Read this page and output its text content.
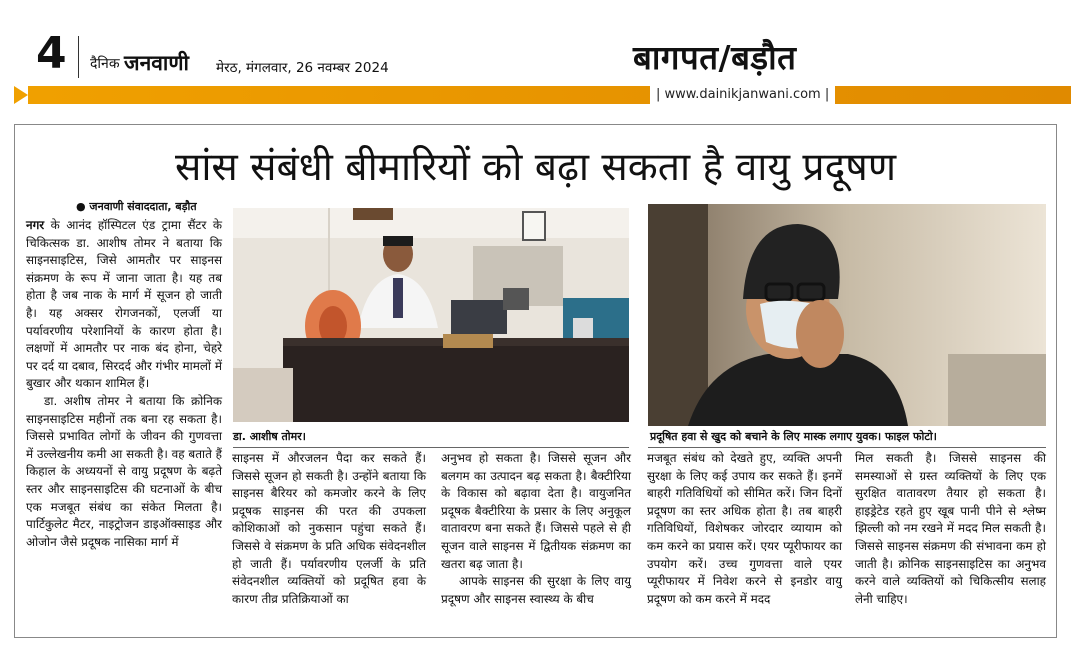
4 दैनिक जनवाणी मेरठ, मंगलवार, 26 नवम्बर 2024	बागपत/बड़ौत
| www.dainikjanwani.com |
सांस संबंधी बीमारियों को बढ़ा सकता है वायु प्रदूषण
● जनवाणी संवाददाता, बड़ौत

नगर के आनंद हॉस्पिटल एंड ट्रामा सैंटर के चिकित्सक डा. आशीष तोमर ने बताया कि साइनसाइटिस, जिसे आमतौर पर साइनस संक्रमण के रूप में जाना जाता है। यह तब होता है जब नाक के मार्ग में सूजन हो जाती है। यह अक्सर रोगजनकों, एलर्जी या पर्यावरणीय परेशानियों के कारण होता है। लक्षणों में आमतौर पर नाक बंद होना, चेहरे पर दर्द या दबाव, सिरदर्द और गंभीर मामलों में बुखार और थकान शामिल हैं।

डा. अशीष तोमर ने बताया कि क्रोनिक साइनसाइटिस महीनों तक बना रह सकता है। जिससे प्रभावित लोगों के जीवन की गुणवत्ता में उल्लेखनीय कमी आ सकती है। वह बताते हैं किहाल के अध्ययनों से वायु प्रदूषण के बढ़ते स्तर और साइनसाइटिस की घटनाओं के बीच एक मजबूत संबंध का संकेत मिलता है। पार्टिकुलेट मैटर, नाइट्रोजन डाइऑक्साइड और ओजोन जैसे प्रदूषक नासिका मार्ग में

डा. आशीष तोमर।	प्रदूषित हवा से खुद को बचाने के लिए मास्क लगाए युवक। फाइल फोटो।

साइनस में औरजलन पैदा कर सकते हैं। जिससे सूजन हो सकती है। उन्होंने बताया कि साइनस बैरियर को कमजोर करने के लिए प्रदूषक साइनस की परत की उपकला कोशिकाओं को नुकसान पहुंचा सकते हैं। जिससे वे संक्रमण के प्रति अधिक संवेदनशील हो जाती हैं। पर्यावरणीय एलर्जी के प्रति संवेदनशील व्यक्तियों को प्रदूषित हवा के कारण तीव्र प्रतिक्रियाओं का

अनुभव हो सकता है। जिससे सूजन और बलगम का उत्पादन बढ़ सकता है। बैक्टीरिया के विकास को बढ़ावा देता है। वायुजनित प्रदूषक बैक्टीरिया के प्रसार के लिए अनुकूल वातावरण बना सकते हैं। जिससे पहले से ही सूजन वाले साइनस में द्वितीयक संक्रमण का खतरा बढ़ जाता है।

आपके साइनस की सुरक्षा के लिए वायु प्रदूषण और साइनस स्वास्थ्य के बीच

मजबूत संबंध को देखते हुए, व्यक्ति अपनी सुरक्षा के लिए कई उपाय कर सकते हैं। इनमें बाहरी गतिविधियों को सीमित करें। जिन दिनों प्रदूषण का स्तर अधिक होता है। तब बाहरी गतिविधियों, विशेषकर जोरदार व्यायाम को कम करने का प्रयास करें। एयर प्यूरीफायर का उपयोग करें। उच्च गुणवत्ता वाले एयर प्यूरीफायर में निवेश करने से इनडोर वायु प्रदूषण को कम करने में मदद

मिल सकती है। जिससे साइनस की समस्याओं से ग्रस्त व्यक्तियों के लिए एक सुरक्षित वातावरण तैयार हो सकता है। हाइड्रेटेड रहते हुए खूब पानी पीने से श्लेष्म झिल्ली को नम रखने में मदद मिल सकती है। जिससे साइनस संक्रमण की संभावना कम हो जाती है। क्रोनिक साइनसाइटिस का अनुभव करने वाले व्यक्तियों को चिकित्सीय सलाह लेनी चाहिए।
